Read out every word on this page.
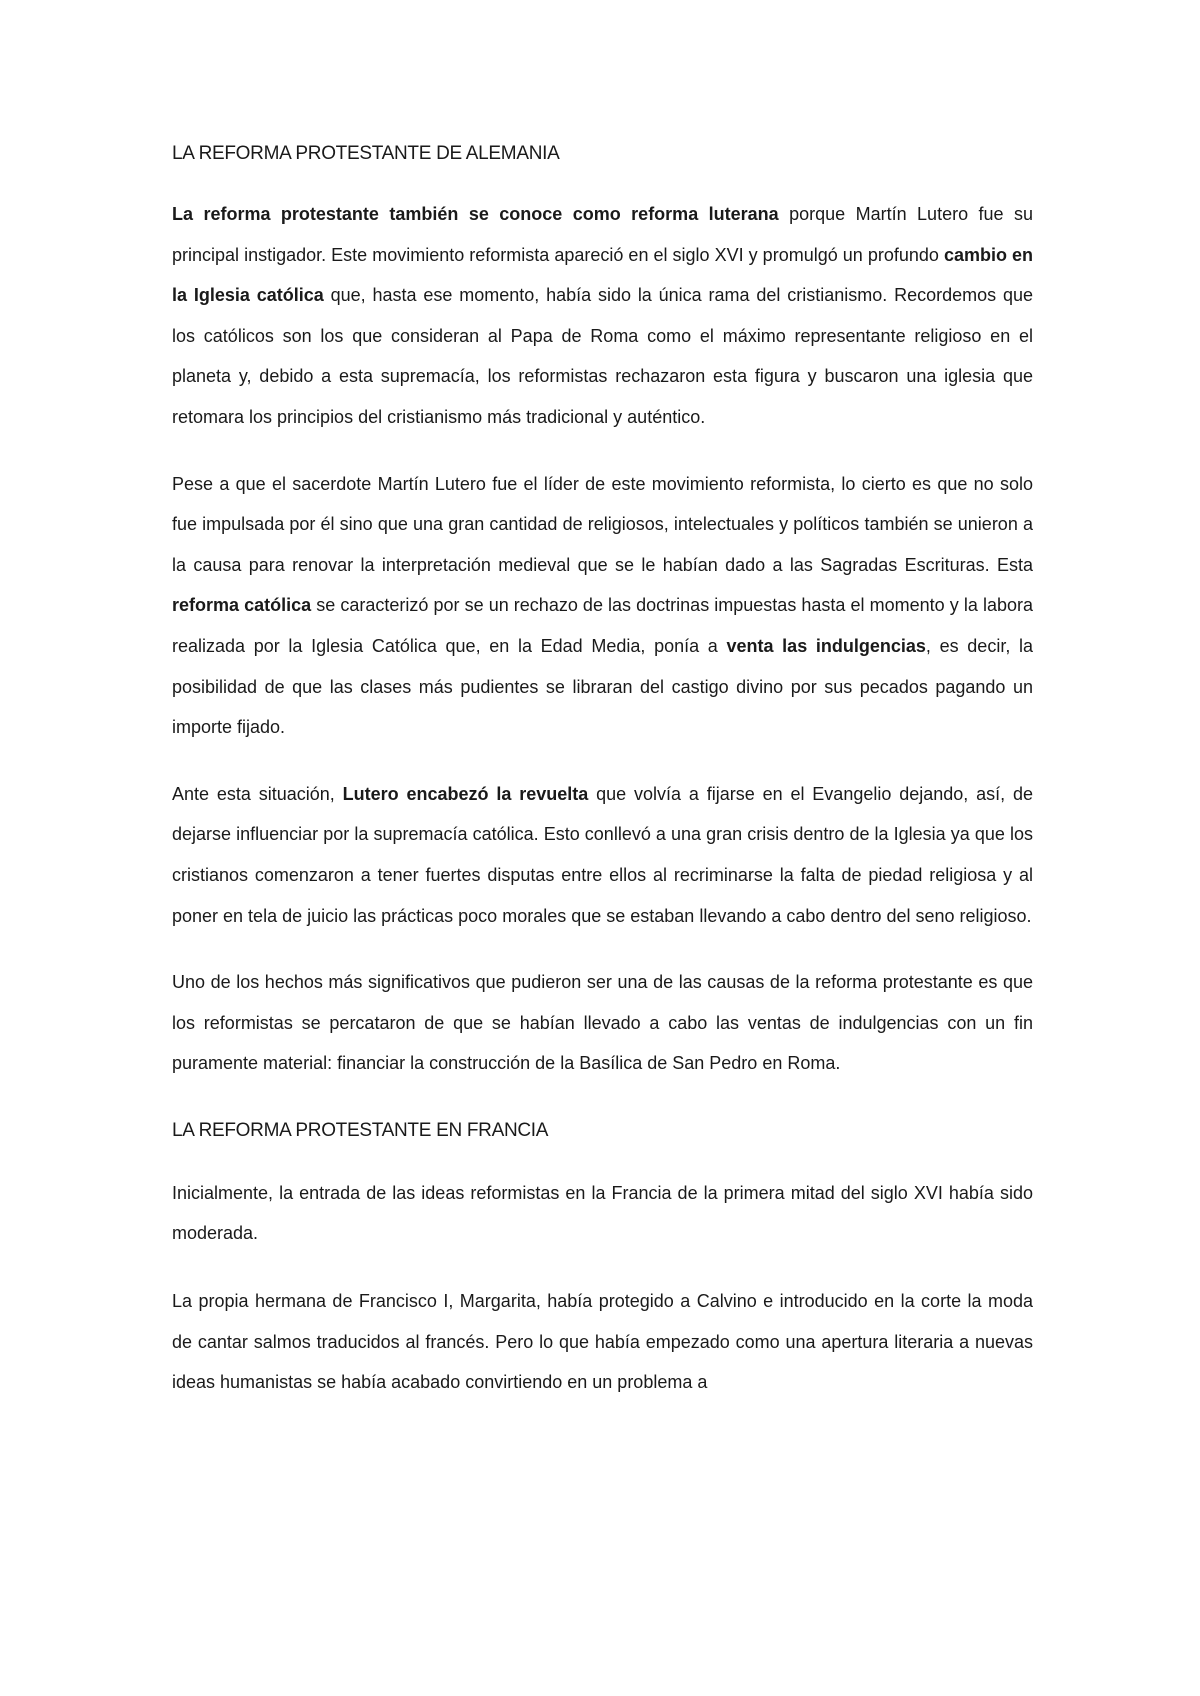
LA REFORMA PROTESTANTE DE ALEMANIA

La reforma protestante también se conoce como reforma luterana porque Martín Lutero fue su principal instigador. Este movimiento reformista apareció en el siglo XVI y promulgó un profundo cambio en la Iglesia católica que, hasta ese momento, había sido la única rama del cristianismo. Recordemos que los católicos son los que consideran al Papa de Roma como el máximo representante religioso en el planeta y, debido a esta supremacía, los reformistas rechazaron esta figura y buscaron una iglesia que retomara los principios del cristianismo más tradicional y auténtico.

Pese a que el sacerdote Martín Lutero fue el líder de este movimiento reformista, lo cierto es que no solo fue impulsada por él sino que una gran cantidad de religiosos, intelectuales y políticos también se unieron a la causa para renovar la interpretación medieval que se le habían dado a las Sagradas Escrituras. Esta reforma católica se caracterizó por se un rechazo de las doctrinas impuestas hasta el momento y la labora realizada por la Iglesia Católica que, en la Edad Media, ponía a venta las indulgencias, es decir, la posibilidad de que las clases más pudientes se libraran del castigo divino por sus pecados pagando un importe fijado.

Ante esta situación, Lutero encabezó la revuelta que volvía a fijarse en el Evangelio dejando, así, de dejarse influenciar por la supremacía católica. Esto conllevó a una gran crisis dentro de la Iglesia ya que los cristianos comenzaron a tener fuertes disputas entre ellos al recriminarse la falta de piedad religiosa y al poner en tela de juicio las prácticas poco morales que se estaban llevando a cabo dentro del seno religioso.

Uno de los hechos más significativos que pudieron ser una de las causas de la reforma protestante es que los reformistas se percataron de que se habían llevado a cabo las ventas de indulgencias con un fin puramente material: financiar la construcción de la Basílica de San Pedro en Roma.

LA REFORMA PROTESTANTE EN FRANCIA

Inicialmente, la entrada de las ideas reformistas en la Francia de la primera mitad del siglo XVI había sido moderada.

La propia hermana de Francisco I, Margarita, había protegido a Calvino e introducido en la corte la moda de cantar salmos traducidos al francés. Pero lo que había empezado como una apertura literaria a nuevas ideas humanistas se había acabado convirtiendo en un problema a
